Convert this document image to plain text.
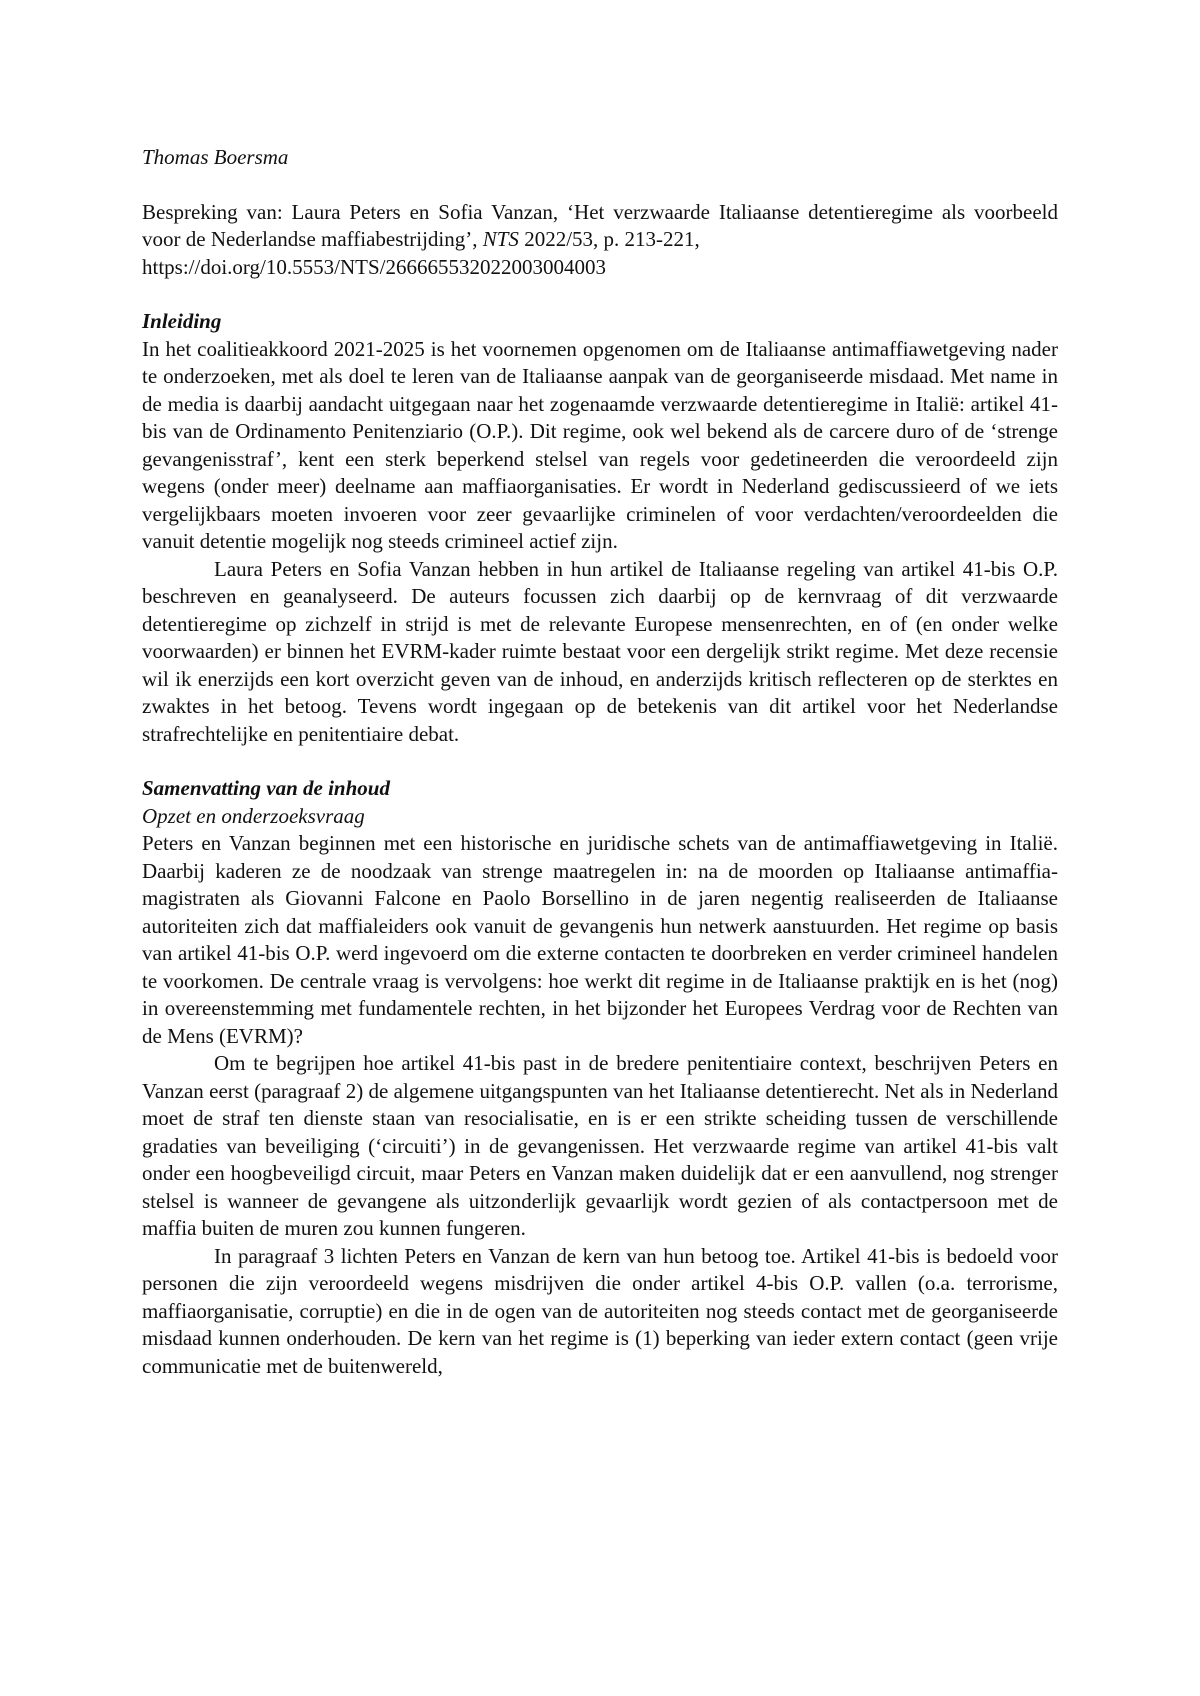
Thomas Boersma

Bespreking van: Laura Peters en Sofia Vanzan, ‘Het verzwaarde Italiaanse detentieregime als voorbeeld voor de Nederlandse maffiabestrijding’, NTS 2022/53, p. 213-221,
https://doi.org/10.5553/NTS/266665532022003004003

Inleiding

In het coalitieakkoord 2021-2025 is het voornemen opgenomen om de Italiaanse antimaffiawetgeving nader te onderzoeken, met als doel te leren van de Italiaanse aanpak van de georganiseerde misdaad. Met name in de media is daarbij aandacht uitgegaan naar het zogenaamde verzwaarde detentieregime in Italië: artikel 41-bis van de Ordinamento Penitenziario (O.P.). Dit regime, ook wel bekend als de carcere duro of de ‘strenge gevangenisstraf’, kent een sterk beperkend stelsel van regels voor gedetineerden die veroordeeld zijn wegens (onder meer) deelname aan maffiaorganisaties. Er wordt in Nederland gediscussieerd of we iets vergelijkbaars moeten invoeren voor zeer gevaarlijke criminelen of voor verdachten/veroordeelden die vanuit detentie mogelijk nog steeds crimineel actief zijn.

Laura Peters en Sofia Vanzan hebben in hun artikel de Italiaanse regeling van artikel 41-bis O.P. beschreven en geanalyseerd. De auteurs focussen zich daarbij op de kernvraag of dit verzwaarde detentieregime op zichzelf in strijd is met de relevante Europese mensenrechten, en of (en onder welke voorwaarden) er binnen het EVRM-kader ruimte bestaat voor een dergelijk strikt regime. Met deze recensie wil ik enerzijds een kort overzicht geven van de inhoud, en anderzijds kritisch reflecteren op de sterktes en zwaktes in het betoog. Tevens wordt ingegaan op de betekenis van dit artikel voor het Nederlandse strafrechtelijke en penitentiaire debat.

Samenvatting van de inhoud
Opzet en onderzoeksvraag

Peters en Vanzan beginnen met een historische en juridische schets van de antimaffiawetgeving in Italië. Daarbij kaderen ze de noodzaak van strenge maatregelen in: na de moorden op Italiaanse antimaffia-magistraten als Giovanni Falcone en Paolo Borsellino in de jaren negentig realiseerden de Italiaanse autoriteiten zich dat maffialeiders ook vanuit de gevangenis hun netwerk aanstuurden. Het regime op basis van artikel 41-bis O.P. werd ingevoerd om die externe contacten te doorbreken en verder crimineel handelen te voorkomen. De centrale vraag is vervolgens: hoe werkt dit regime in de Italiaanse praktijk en is het (nog) in overeenstemming met fundamentele rechten, in het bijzonder het Europees Verdrag voor de Rechten van de Mens (EVRM)?

Om te begrijpen hoe artikel 41-bis past in de bredere penitentiaire context, beschrijven Peters en Vanzan eerst (paragraaf 2) de algemene uitgangspunten van het Italiaanse detentierecht. Net als in Nederland moet de straf ten dienste staan van resocialisatie, en is er een strikte scheiding tussen de verschillende gradaties van beveiliging (‘circuiti’) in de gevangenissen. Het verzwaarde regime van artikel 41-bis valt onder een hoogbeveiligd circuit, maar Peters en Vanzan maken duidelijk dat er een aanvullend, nog strenger stelsel is wanneer de gevangene als uitzonderlijk gevaarlijk wordt gezien of als contactpersoon met de maffia buiten de muren zou kunnen fungeren.

In paragraaf 3 lichten Peters en Vanzan de kern van hun betoog toe. Artikel 41-bis is bedoeld voor personen die zijn veroordeeld wegens misdrijven die onder artikel 4-bis O.P. vallen (o.a. terrorisme, maffiaorganisatie, corruptie) en die in de ogen van de autoriteiten nog steeds contact met de georganiseerde misdaad kunnen onderhouden. De kern van het regime is (1) beperking van ieder extern contact (geen vrije communicatie met de buitenwereld,
